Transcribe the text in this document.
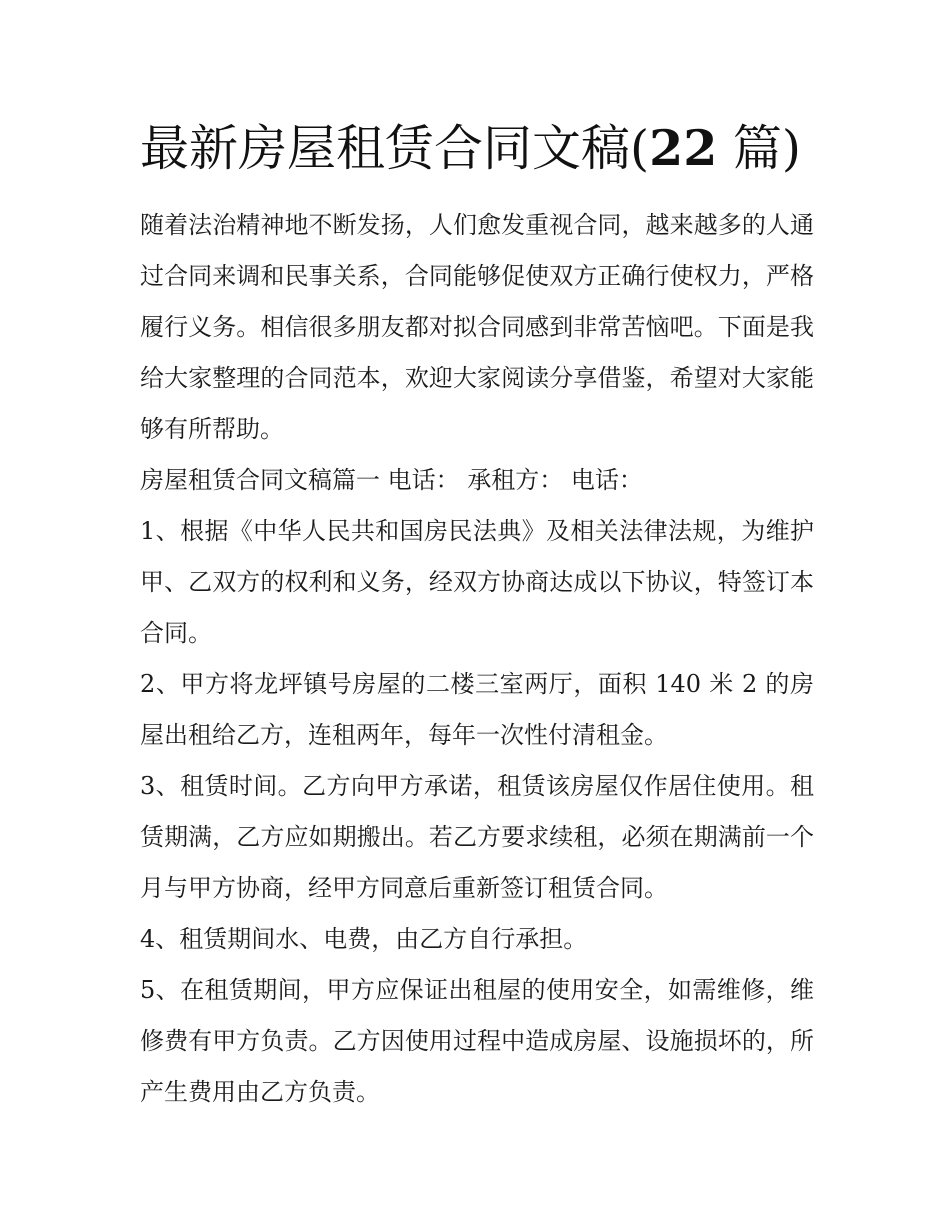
最新房屋租赁合同文稿(22 篇)

随着法治精神地不断发扬，人们愈发重视合同，越来越多的人通过合同来调和民事关系，合同能够促使双方正确行使权力，严格履行义务。相信很多朋友都对拟合同感到非常苦恼吧。下面是我给大家整理的合同范本，欢迎大家阅读分享借鉴，希望对大家能够有所帮助。

房屋租赁合同文稿篇一 电话： 承租方： 电话：

1、根据《中华人民共和国房民法典》及相关法律法规，为维护甲、乙双方的权利和义务，经双方协商达成以下协议，特签订本合同。

2、甲方将龙坪镇号房屋的二楼三室两厅，面积 140 米 2 的房屋出租给乙方，连租两年，每年一次性付清租金。

3、租赁时间。乙方向甲方承诺，租赁该房屋仅作居住使用。租赁期满，乙方应如期搬出。若乙方要求续租，必须在期满前一个月与甲方协商，经甲方同意后重新签订租赁合同。

4、租赁期间水、电费，由乙方自行承担。

5、在租赁期间，甲方应保证出租屋的使用安全，如需维修，维修费有甲方负责。乙方因使用过程中造成房屋、设施损坏的，所产生费用由乙方负责。
